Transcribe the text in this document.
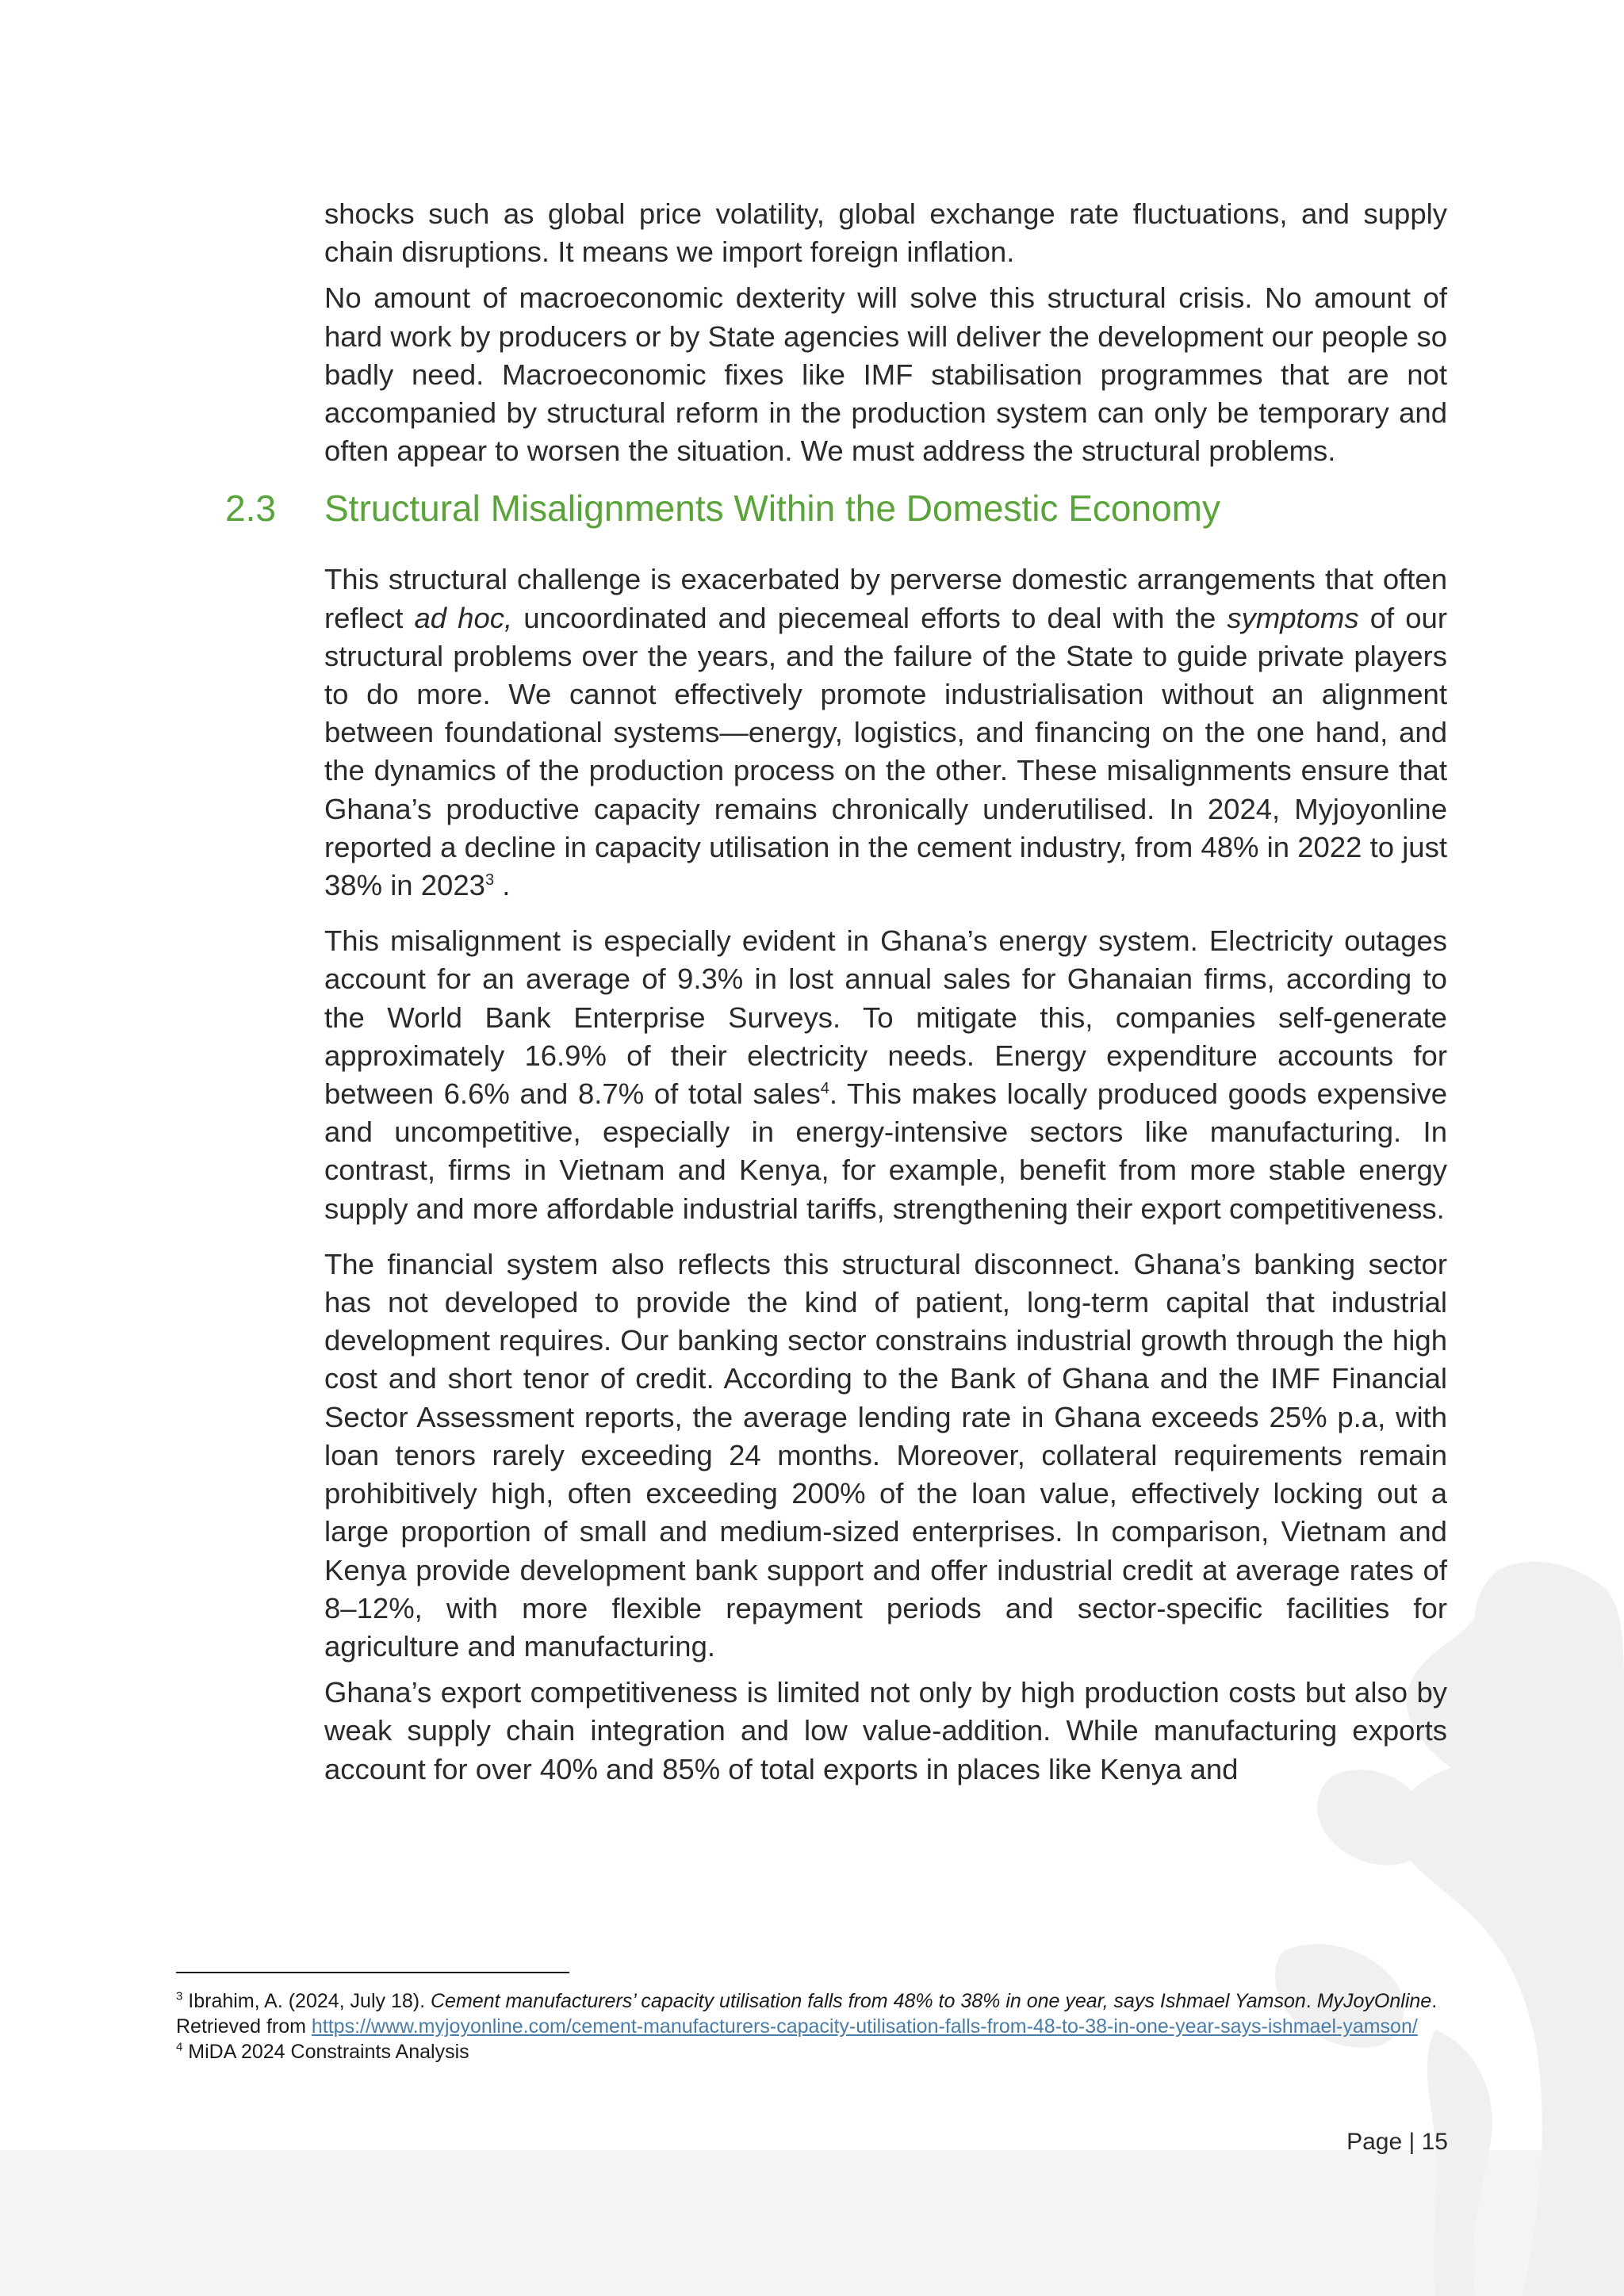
shocks such as global price volatility, global exchange rate fluctuations, and supply chain disruptions. It means we import foreign inflation.

No amount of macroeconomic dexterity will solve this structural crisis. No amount of hard work by producers or by State agencies will deliver the development our people so badly need. Macroeconomic fixes like IMF stabilisation programmes that are not accompanied by structural reform in the production system can only be temporary and often appear to worsen the situation. We must address the structural problems.

2.3 Structural Misalignments Within the Domestic Economy

This structural challenge is exacerbated by perverse domestic arrangements that often reflect ad hoc, uncoordinated and piecemeal efforts to deal with the symptoms of our structural problems over the years, and the failure of the State to guide private players to do more. We cannot effectively promote industrialisation without an alignment between foundational systems—energy, logistics, and financing on the one hand, and the dynamics of the production process on the other. These misalignments ensure that Ghana’s productive capacity remains chronically underutilised. In 2024, Myjoyonline reported a decline in capacity utilisation in the cement industry, from 48% in 2022 to just 38% in 2023$^3$ .

This misalignment is especially evident in Ghana’s energy system. Electricity outages account for an average of 9.3% in lost annual sales for Ghanaian firms, according to the World Bank Enterprise Surveys. To mitigate this, companies self-generate approximately 16.9% of their electricity needs. Energy expenditure accounts for between 6.6% and 8.7% of total sales$^4$. This makes locally produced goods expensive and uncompetitive, especially in energy-intensive sectors like manufacturing. In contrast, firms in Vietnam and Kenya, for example, benefit from more stable energy supply and more affordable industrial tariffs, strengthening their export competitiveness.

The financial system also reflects this structural disconnect. Ghana’s banking sector has not developed to provide the kind of patient, long-term capital that industrial development requires. Our banking sector constrains industrial growth through the high cost and short tenor of credit. According to the Bank of Ghana and the IMF Financial Sector Assessment reports, the average lending rate in Ghana exceeds 25% p.a, with loan tenors rarely exceeding 24 months. Moreover, collateral requirements remain prohibitively high, often exceeding 200% of the loan value, effectively locking out a large proportion of small and medium-sized enterprises. In comparison, Vietnam and Kenya provide development bank support and offer industrial credit at average rates of 8–12%, with more flexible repayment periods and sector-specific facilities for agriculture and manufacturing.

Ghana’s export competitiveness is limited not only by high production costs but also by weak supply chain integration and low value-addition. While manufacturing exports account for over 40% and 85% of total exports in places like Kenya and

$^3$ Ibrahim, A. (2024, July 18). Cement manufacturers’ capacity utilisation falls from 48% to 38% in one year, says Ishmael Yamson. MyJoyOnline. Retrieved from https://www.myjoyonline.com/cement-manufacturers-capacity-utilisation-falls-from-48-to-38-in-one-year-says-ishmael-yamson/

$^4$ MiDA 2024 Constraints Analysis

Page | 15
